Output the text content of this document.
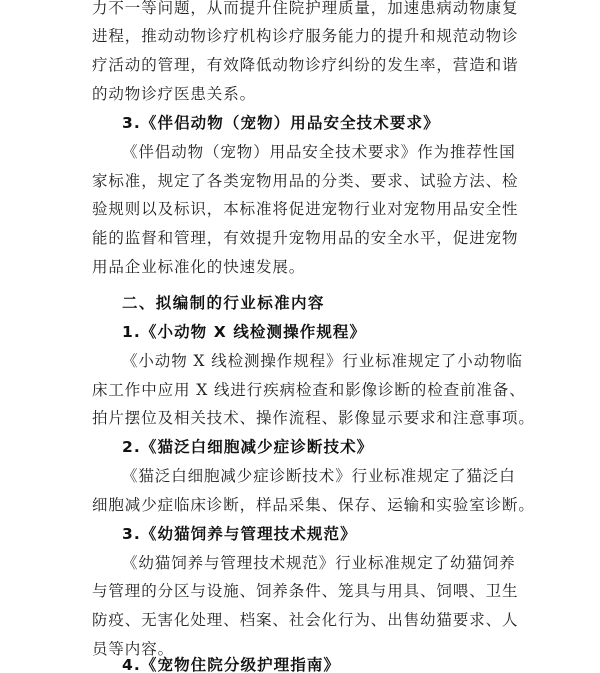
力不一等问题，从而提升住院护理质量，加速患病动物康复
进程，推动动物诊疗机构诊疗服务能力的提升和规范动物诊
疗活动的管理，有效降低动物诊疗纠纷的发生率，营造和谐
的动物诊疗医患关系。
3.《伴侣动物（宠物）用品安全技术要求》
《伴侣动物（宠物）用品安全技术要求》作为推荐性国
家标准，规定了各类宠物用品的分类、要求、试验方法、检
验规则以及标识，本标准将促进宠物行业对宠物用品安全性
能的监督和管理，有效提升宠物用品的安全水平，促进宠物
用品企业标准化的快速发展。
二、拟编制的行业标准内容
1.《小动物 X 线检测操作规程》
《小动物 X 线检测操作规程》行业标准规定了小动物临
床工作中应用 X 线进行疾病检查和影像诊断的检查前准备、
拍片摆位及相关技术、操作流程、影像显示要求和注意事项。
2.《猫泛白细胞减少症诊断技术》
《猫泛白细胞减少症诊断技术》行业标准规定了猫泛白
细胞减少症临床诊断，样品采集、保存、运输和实验室诊断。
3.《幼猫饲养与管理技术规范》
《幼猫饲养与管理技术规范》行业标准规定了幼猫饲养
与管理的分区与设施、饲养条件、笼具与用具、饲喂、卫生
防疫、无害化处理、档案、社会化行为、出售幼猫要求、人
员等内容。
4.《宠物住院分级护理指南》
